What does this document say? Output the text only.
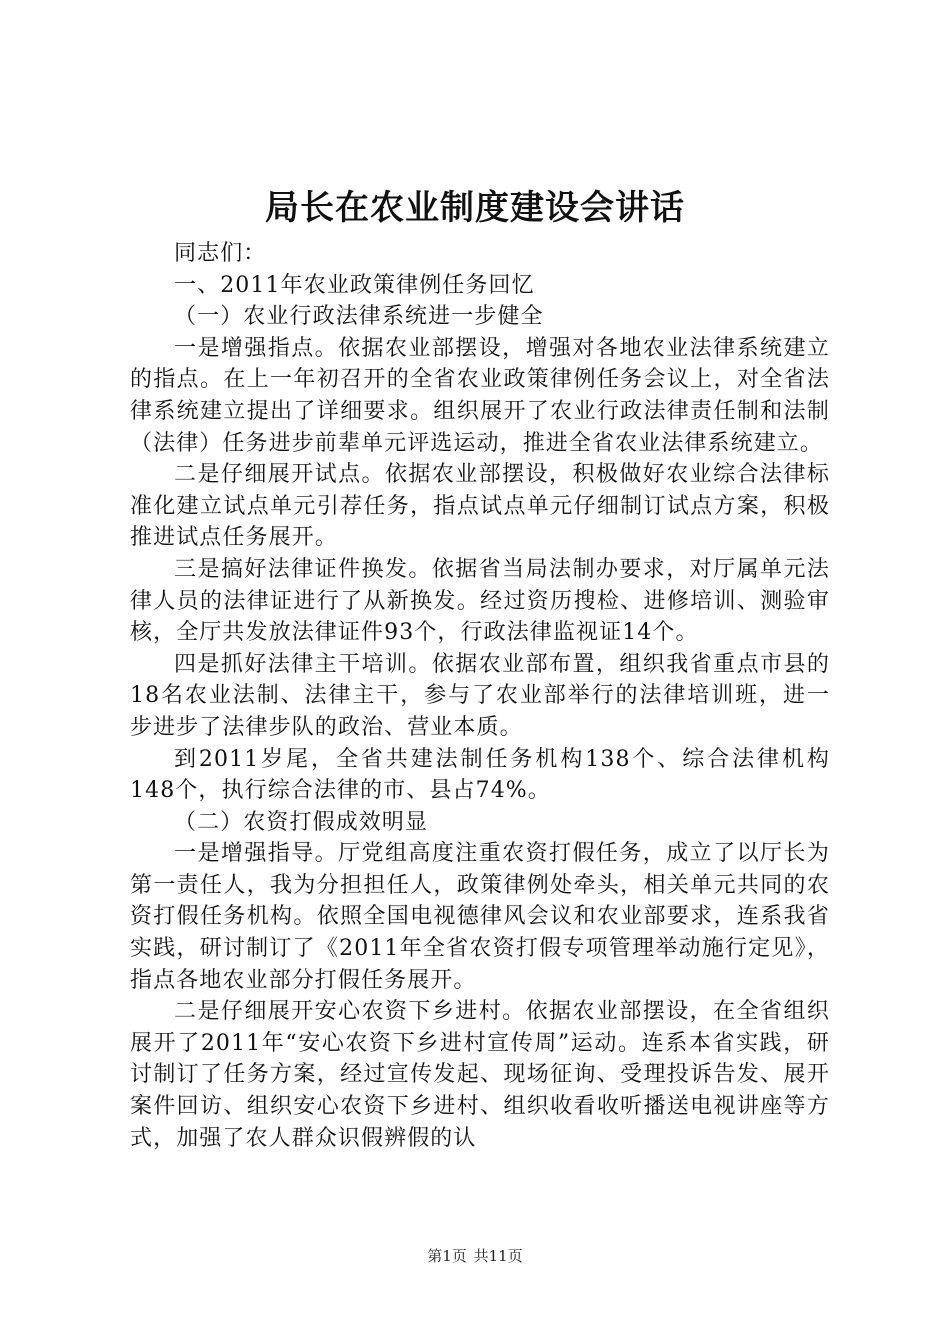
局长在农业制度建设会讲话

同志们：

一、2011年农业政策律例任务回忆

（一）农业行政法律系统进一步健全

一是增强指点。依据农业部摆设，增强对各地农业法律系统建立的指点。在上一年初召开的全省农业政策律例任务会议上，对全省法律系统建立提出了详细要求。组织展开了农业行政法律责任制和法制（法律）任务进步前辈单元评选运动，推进全省农业法律系统建立。

二是仔细展开试点。依据农业部摆设，积极做好农业综合法律标准化建立试点单元引荐任务，指点试点单元仔细制订试点方案，积极推进试点任务展开。

三是搞好法律证件换发。依据省当局法制办要求，对厅属单元法律人员的法律证进行了从新换发。经过资历搜检、进修培训、测验审核，全厅共发放法律证件93个，行政法律监视证14个。

四是抓好法律主干培训。依据农业部布置，组织我省重点市县的18名农业法制、法律主干，参与了农业部举行的法律培训班，进一步进步了法律步队的政治、营业本质。

到2011岁尾，全省共建法制任务机构138个、综合法律机构148个，执行综合法律的市、县占74%。

（二）农资打假成效明显

一是增强指导。厅党组高度注重农资打假任务，成立了以厅长为第一责任人，我为分担担任人，政策律例处牵头，相关单元共同的农资打假任务机构。依照全国电视德律风会议和农业部要求，连系我省实践，研讨制订了《2011年全省农资打假专项管理举动施行定见》，指点各地农业部分打假任务展开。

二是仔细展开安心农资下乡进村。依据农业部摆设，在全省组织展开了2011年“安心农资下乡进村宣传周”运动。连系本省实践，研讨制订了任务方案，经过宣传发起、现场征询、受理投诉告发、展开案件回访、组织安心农资下乡进村、组织收看收听播送电视讲座等方式，加强了农人群众识假辨假的认

第1页 共11页
